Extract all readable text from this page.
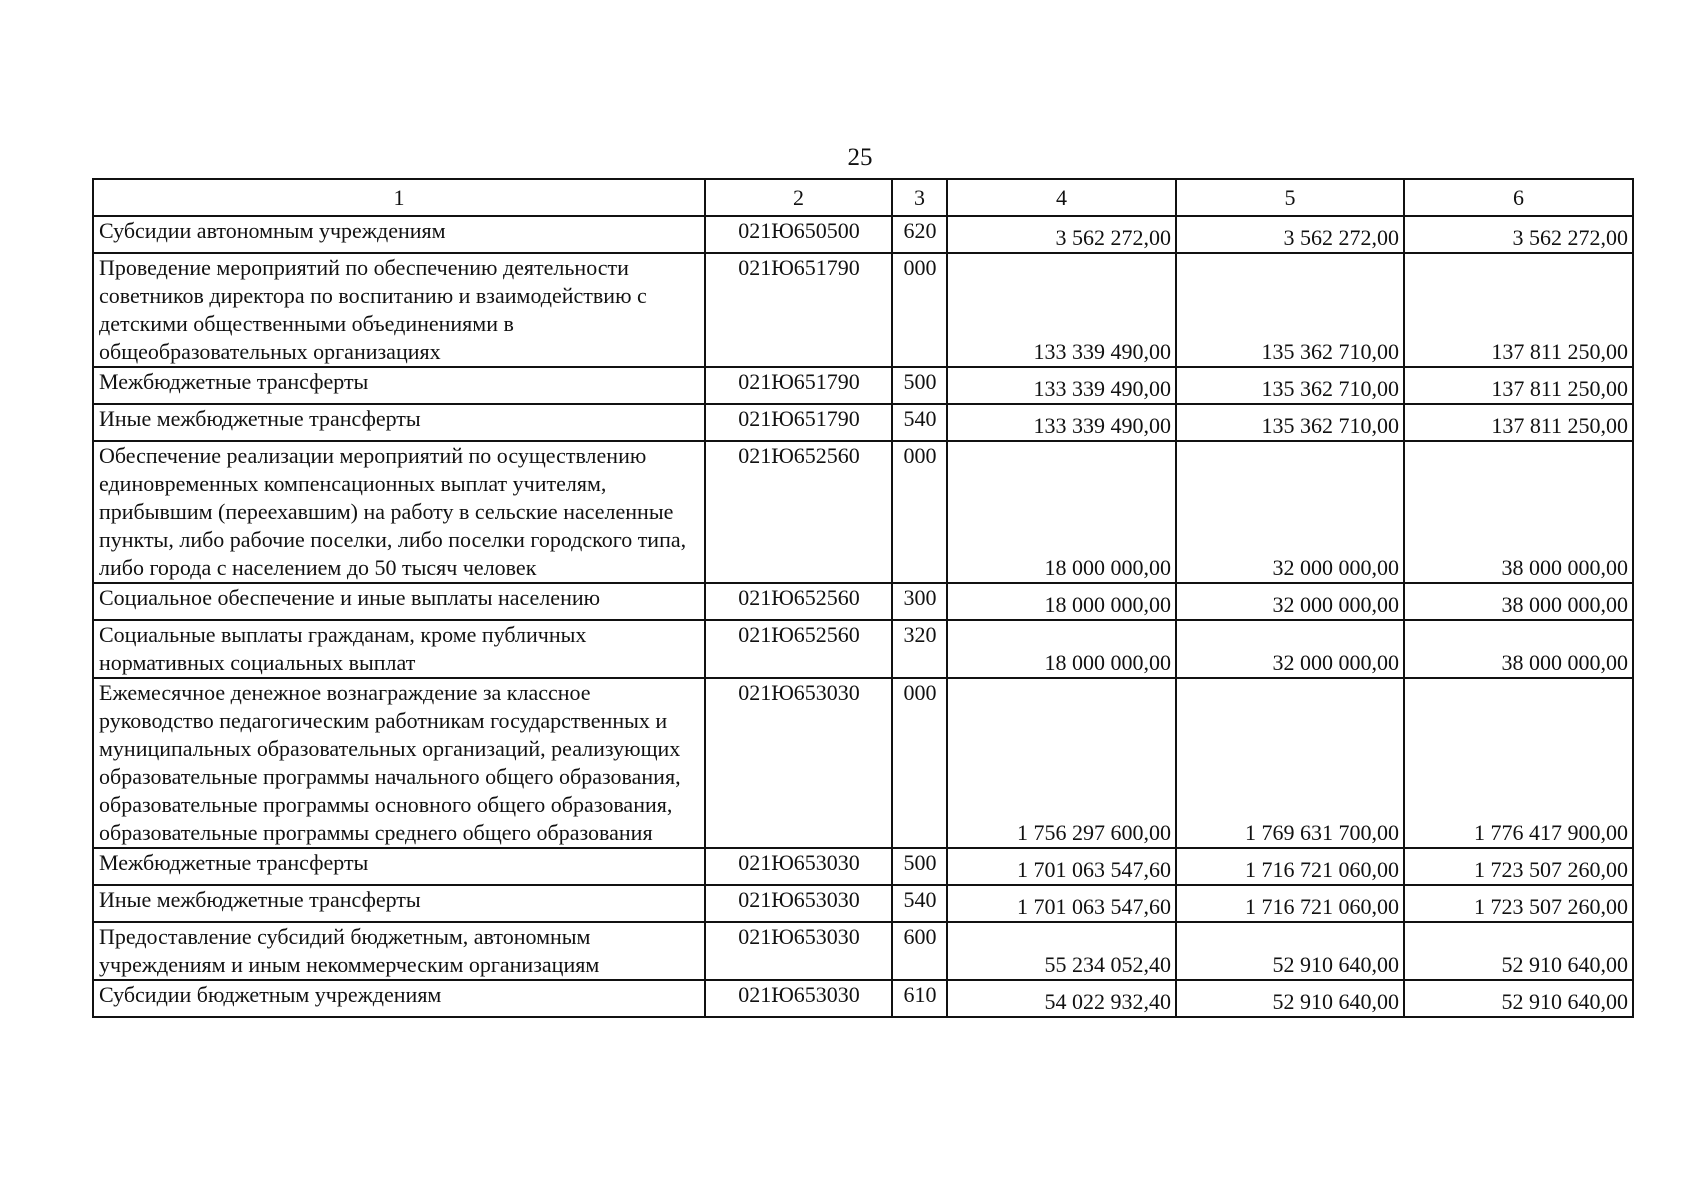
25
1	2	3	4	5	6
Субсидии автономным учреждениям	021Ю650500	620	3 562 272,00	3 562 272,00	3 562 272,00
Проведение мероприятий по обеспечению деятельности советников директора по воспитанию и взаимодействию с детскими общественными объединениями в общеобразовательных организациях	021Ю651790	000	133 339 490,00	135 362 710,00	137 811 250,00
Межбюджетные трансферты	021Ю651790	500	133 339 490,00	135 362 710,00	137 811 250,00
Иные межбюджетные трансферты	021Ю651790	540	133 339 490,00	135 362 710,00	137 811 250,00
Обеспечение реализации мероприятий по осуществлению единовременных компенсационных выплат учителям, прибывшим (переехавшим) на работу в сельские населенные пункты, либо рабочие поселки, либо поселки городского типа, либо города с населением до 50 тысяч человек	021Ю652560	000	18 000 000,00	32 000 000,00	38 000 000,00
Социальное обеспечение и иные выплаты населению	021Ю652560	300	18 000 000,00	32 000 000,00	38 000 000,00
Социальные выплаты гражданам, кроме публичных нормативных социальных выплат	021Ю652560	320	18 000 000,00	32 000 000,00	38 000 000,00
Ежемесячное денежное вознаграждение за классное руководство педагогическим работникам государственных и муниципальных образовательных организаций, реализующих образовательные программы начального общего образования, образовательные программы основного общего образования, образовательные программы среднего общего образования	021Ю653030	000	1 756 297 600,00	1 769 631 700,00	1 776 417 900,00
Межбюджетные трансферты	021Ю653030	500	1 701 063 547,60	1 716 721 060,00	1 723 507 260,00
Иные межбюджетные трансферты	021Ю653030	540	1 701 063 547,60	1 716 721 060,00	1 723 507 260,00
Предоставление субсидий бюджетным, автономным учреждениям и иным некоммерческим организациям	021Ю653030	600	55 234 052,40	52 910 640,00	52 910 640,00
Субсидии бюджетным учреждениям	021Ю653030	610	54 022 932,40	52 910 640,00	52 910 640,00
